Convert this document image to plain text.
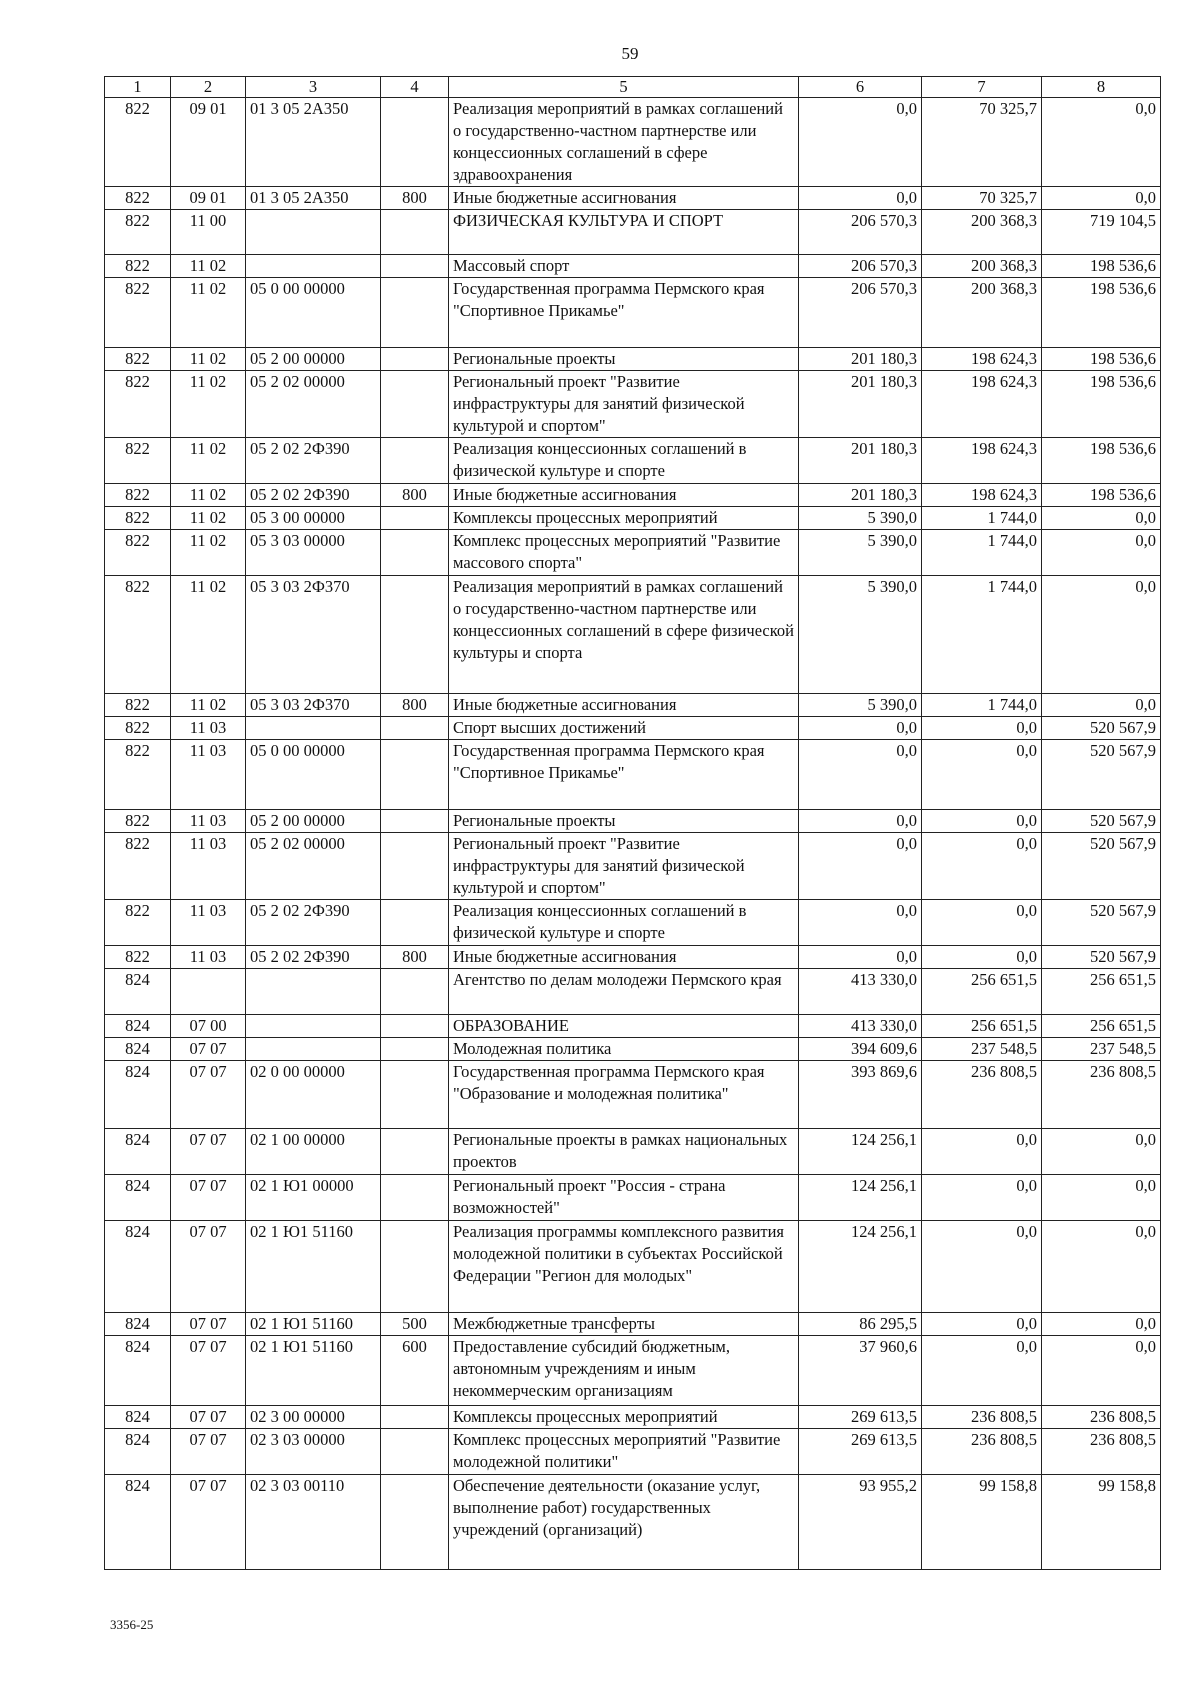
59
1	2	3	4	5	6	7	8
822	09 01	01 3 05 2А350		Реализация мероприятий в рамках соглашений о государственно-частном партнерстве или концессионных соглашений в сфере здравоохранения	0,0	70 325,7	0,0
822	09 01	01 3 05 2А350	800	Иные бюджетные ассигнования	0,0	70 325,7	0,0
822	11 00			ФИЗИЧЕСКАЯ КУЛЬТУРА И СПОРТ	206 570,3	200 368,3	719 104,5
822	11 02			Массовый спорт	206 570,3	200 368,3	198 536,6
822	11 02	05 0 00 00000		Государственная программа Пермского края "Спортивное Прикамье"	206 570,3	200 368,3	198 536,6
822	11 02	05 2 00 00000		Региональные проекты	201 180,3	198 624,3	198 536,6
822	11 02	05 2 02 00000		Региональный проект "Развитие инфраструктуры для занятий физической культурой и спортом"	201 180,3	198 624,3	198 536,6
822	11 02	05 2 02 2Ф390		Реализация концессионных соглашений в физической культуре и спорте	201 180,3	198 624,3	198 536,6
822	11 02	05 2 02 2Ф390	800	Иные бюджетные ассигнования	201 180,3	198 624,3	198 536,6
822	11 02	05 3 00 00000		Комплексы процессных мероприятий	5 390,0	1 744,0	0,0
822	11 02	05 3 03 00000		Комплекс процессных мероприятий "Развитие массового спорта"	5 390,0	1 744,0	0,0
822	11 02	05 3 03 2Ф370		Реализация мероприятий в рамках соглашений о государственно-частном партнерстве или концессионных соглашений в сфере физической культуры и спорта	5 390,0	1 744,0	0,0
822	11 02	05 3 03 2Ф370	800	Иные бюджетные ассигнования	5 390,0	1 744,0	0,0
822	11 03			Спорт высших достижений	0,0	0,0	520 567,9
822	11 03	05 0 00 00000		Государственная программа Пермского края "Спортивное Прикамье"	0,0	0,0	520 567,9
822	11 03	05 2 00 00000		Региональные проекты	0,0	0,0	520 567,9
822	11 03	05 2 02 00000		Региональный проект "Развитие инфраструктуры для занятий физической культурой и спортом"	0,0	0,0	520 567,9
822	11 03	05 2 02 2Ф390		Реализация концессионных соглашений в физической культуре и спорте	0,0	0,0	520 567,9
822	11 03	05 2 02 2Ф390	800	Иные бюджетные ассигнования	0,0	0,0	520 567,9
824				Агентство по делам молодежи Пермского края	413 330,0	256 651,5	256 651,5
824	07 00			ОБРАЗОВАНИЕ	413 330,0	256 651,5	256 651,5
824	07 07			Молодежная политика	394 609,6	237 548,5	237 548,5
824	07 07	02 0 00 00000		Государственная программа Пермского края "Образование и молодежная политика"	393 869,6	236 808,5	236 808,5
824	07 07	02 1 00 00000		Региональные проекты в рамках национальных проектов	124 256,1	0,0	0,0
824	07 07	02 1 Ю1 00000		Региональный проект "Россия - страна возможностей"	124 256,1	0,0	0,0
824	07 07	02 1 Ю1 51160		Реализация программы комплексного развития молодежной политики в субъектах Российской Федерации "Регион для молодых"	124 256,1	0,0	0,0
824	07 07	02 1 Ю1 51160	500	Межбюджетные трансферты	86 295,5	0,0	0,0
824	07 07	02 1 Ю1 51160	600	Предоставление субсидий бюджетным, автономным учреждениям и иным некоммерческим организациям	37 960,6	0,0	0,0
824	07 07	02 3 00 00000		Комплексы процессных мероприятий	269 613,5	236 808,5	236 808,5
824	07 07	02 3 03 00000		Комплекс процессных мероприятий "Развитие молодежной политики"	269 613,5	236 808,5	236 808,5
824	07 07	02 3 03 00110		Обеспечение деятельности (оказание услуг, выполнение работ) государственных учреждений (организаций)	93 955,2	99 158,8	99 158,8
3356-25
